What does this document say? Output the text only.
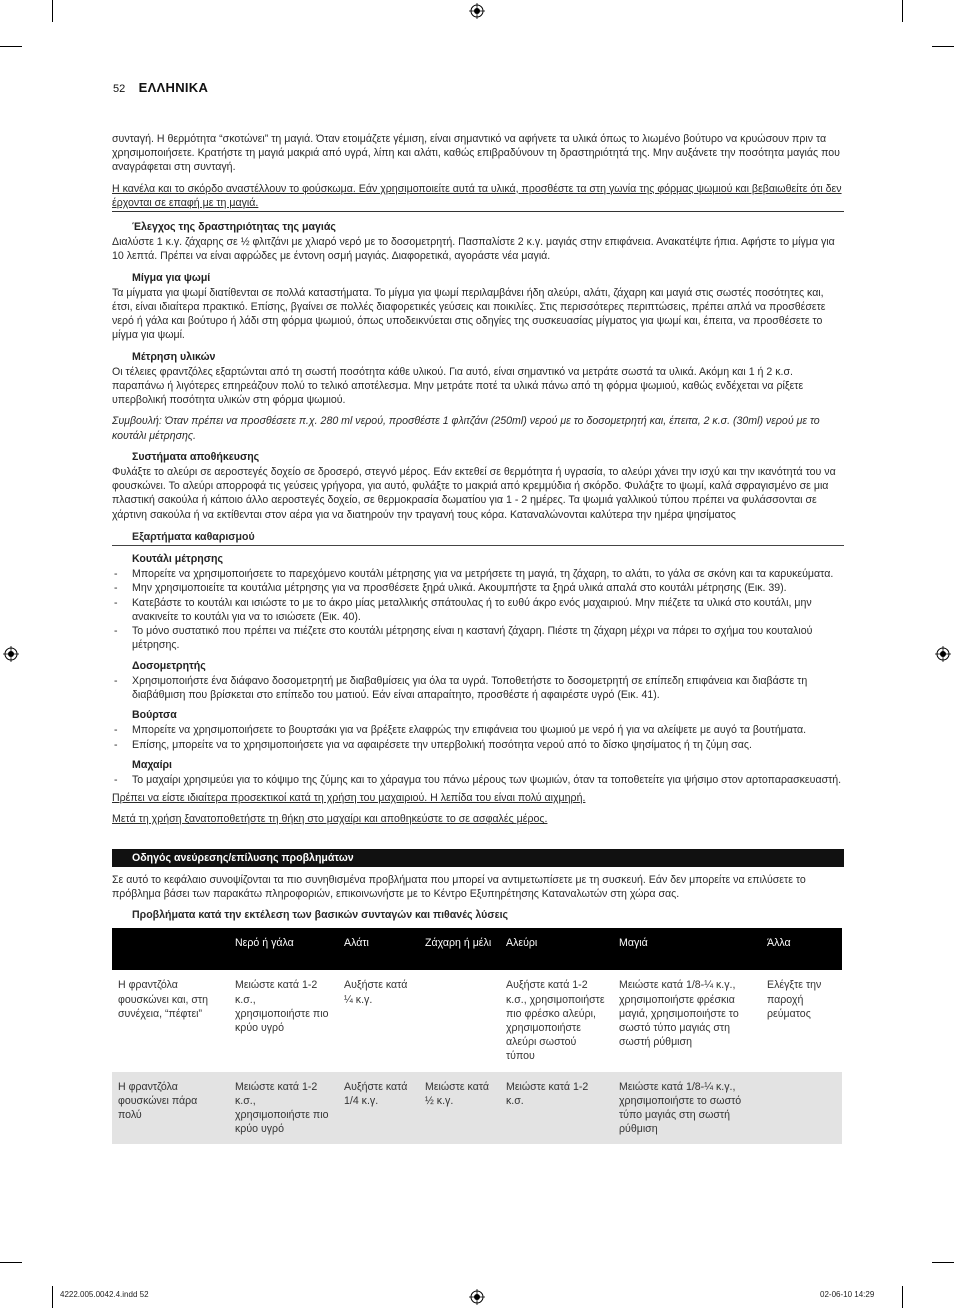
52 ΕΛΛΗΝΙΚΑ

συνταγή. Η θερμότητα “σκοτώνει” τη μαγιά. Όταν ετοιμάζετε γέμιση, είναι σημαντικό να αφήνετε τα υλικά όπως το λιωμένο βούτυρο να κρυώσουν πριν τα χρησιμοποιήσετε. Κρατήστε τη μαγιά μακριά από υγρά, λίπη και αλάτι, καθώς επιβραδύνουν τη δραστηριότητά της. Μην αυξάνετε την ποσότητα μαγιάς που αναγράφεται στη συνταγή.

Η κανέλα και το σκόρδο αναστέλλουν το φούσκωμα. Εάν χρησιμοποιείτε αυτά τα υλικά, προσθέστε τα στη γωνία της φόρμας ψωμιού και βεβαιωθείτε ότι δεν έρχονται σε επαφή με τη μαγιά.

Έλεγχος της δραστηριότητας της μαγιάς

Διαλύστε 1 κ.γ. ζάχαρης σε ½ φλιτζάνι με χλιαρό νερό με το δοσομετρητή. Πασπαλίστε 2 κ.γ. μαγιάς στην επιφάνεια. Ανακατέψτε ήπια. Αφήστε το μίγμα για 10 λεπτά. Πρέπει να είναι αφρώδες με έντονη οσμή μαγιάς. Διαφορετικά, αγοράστε νέα μαγιά.

Μίγμα για ψωμί

Τα μίγματα για ψωμί διατίθενται σε πολλά καταστήματα. Το μίγμα για ψωμί περιλαμβάνει ήδη αλεύρι, αλάτι, ζάχαρη και μαγιά στις σωστές ποσότητες και, έτσι, είναι ιδιαίτερα πρακτικό. Επίσης, βγαίνει σε πολλές διαφορετικές γεύσεις και ποικιλίες. Στις περισσότερες περιπτώσεις, πρέπει απλά να προσθέσετε νερό ή γάλα και βούτυρο ή λάδι στη φόρμα ψωμιού, όπως υποδεικνύεται στις οδηγίες της συσκευασίας μίγματος για ψωμί και, έπειτα, να προσθέσετε το μίγμα για ψωμί.

Μέτρηση υλικών

Οι τέλειες φραντζόλες εξαρτώνται από τη σωστή ποσότητα κάθε υλικού. Για αυτό, είναι σημαντικό να μετράτε σωστά τα υλικά. Ακόμη και 1 ή 2 κ.σ. παραπάνω ή λιγότερες επηρεάζουν πολύ το τελικό αποτέλεσμα. Μην μετράτε ποτέ τα υλικά πάνω από τη φόρμα ψωμιού, καθώς ενδέχεται να ρίξετε υπερβολική ποσότητα υλικών στη φόρμα ψωμιού.

Συμβουλή: Όταν πρέπει να προσθέσετε π.χ. 280 ml νερού, προσθέστε 1 φλιτζάνι (250ml) νερού με το δοσομετρητή και, έπειτα, 2 κ.σ. (30ml) νερού με το κουτάλι μέτρησης.

Συστήματα αποθήκευσης

Φυλάξτε το αλεύρι σε αεροστεγές δοχείο σε δροσερό, στεγνό μέρος. Εάν εκτεθεί σε θερμότητα ή υγρασία, το αλεύρι χάνει την ισχύ και την ικανότητά του να φουσκώνει. Το αλεύρι απορροφά τις γεύσεις γρήγορα, για αυτό, φυλάξτε το μακριά από κρεμμύδια ή σκόρδο. Φυλάξτε το ψωμί, καλά σφραγισμένο σε μια πλαστική σακούλα ή κάποιο άλλο αεροστεγές δοχείο, σε θερμοκρασία δωματίου για 1 - 2 ημέρες. Τα ψωμιά γαλλικού τύπου πρέπει να φυλάσσονται σε χάρτινη σακούλα ή να εκτίθενται στον αέρα για να διατηρούν την τραγανή τους κόρα. Καταναλώνονται καλύτερα την ημέρα ψησίματος

Εξαρτήματα καθαρισμού
Κουτάλι μέτρησης
- Μπορείτε να χρησιμοποιήσετε το παρεχόμενο κουτάλι μέτρησης για να μετρήσετε τη μαγιά, τη ζάχαρη, το αλάτι, το γάλα σε σκόνη και τα καρυκεύματα.
- Μην χρησιμοποιείτε τα κουτάλια μέτρησης για να προσθέσετε ξηρά υλικά. Ακουμπήστε τα ξηρά υλικά απαλά στο κουτάλι μέτρησης (Εικ. 39).
- Κατεβάστε το κουτάλι και ισιώστε το με το άκρο μίας μεταλλικής σπάτουλας ή το ευθύ άκρο ενός μαχαιριού. Μην πιέζετε τα υλικά στο κουτάλι, μην ανακινείτε το κουτάλι για να το ισιώσετε (Εικ. 40).
- Το μόνο συστατικό που πρέπει να πιέζετε στο κουτάλι μέτρησης είναι η καστανή ζάχαρη. Πιέστε τη ζάχαρη μέχρι να πάρει το σχήμα του κουταλιού μέτρησης.
Δοσομετρητής
- Χρησιμοποιήστε ένα διάφανο δοσομετρητή με διαβαθμίσεις για όλα τα υγρά. Τοποθετήστε το δοσομετρητή σε επίπεδη επιφάνεια και διαβάστε τη διαβάθμιση που βρίσκεται στο επίπεδο του ματιού. Εάν είναι απαραίτητο, προσθέστε ή αφαιρέστε υγρό (Εικ. 41).
Βούρτσα
- Μπορείτε να χρησιμοποιήσετε το βουρτσάκι για να βρέξετε ελαφρώς την επιφάνεια του ψωμιού με νερό ή για να αλείψετε με αυγό τα βουτήματα.
- Επίσης, μπορείτε να το χρησιμοποιήσετε για να αφαιρέσετε την υπερβολική ποσότητα νερού από το δίσκο ψησίματος ή τη ζύμη σας.
Μαχαίρι
- Το μαχαίρι χρησιμεύει για το κόψιμο της ζύμης και το χάραγμα του πάνω μέρους των ψωμιών, όταν τα τοποθετείτε για ψήσιμο στον αρτοπαρασκευαστή.

Πρέπει να είστε ιδιαίτερα προσεκτικοί κατά τη χρήση του μαχαιριού. Η λεπίδα του είναι πολύ αιχμηρή.

Μετά τη χρήση ξανατοποθετήστε τη θήκη στο μαχαίρι και αποθηκεύστε το σε ασφαλές μέρος.

Οδηγός ανεύρεσης/επίλυσης προβλημάτων

Σε αυτό το κεφάλαιο συνοψίζονται τα πιο συνηθισμένα προβλήματα που μπορεί να αντιμετωπίσετε με τη συσκευή. Εάν δεν μπορείτε να επιλύσετε το πρόβλημα βάσει των παρακάτω πληροφοριών, επικοινωνήστε με το Κέντρο Εξυπηρέτησης Καταναλωτών στη χώρα σας.

Προβλήματα κατά την εκτέλεση των βασικών συνταγών και πιθανές λύσεις
	Νερό ή γάλα	Αλάτι	Ζάχαρη ή μέλι	Αλεύρι	Μαγιά	Άλλα
Η φραντζόλα φουσκώνει και, στη συνέχεια, “πέφτει”	Μειώστε κατά 1-2 κ.σ., χρησιμοποιήστε πιο κρύο υγρό	Αυξήστε κατά ¼ κ.γ.		Αυξήστε κατά 1-2 κ.σ., χρησιμοποιήστε πιο φρέσκο αλεύρι, χρησιμοποιήστε αλεύρι σωστού τύπου	Μειώστε κατά 1/8-¼ κ.γ., χρησιμοποιήστε φρέσκια μαγιά, χρησιμοποιήστε το σωστό τύπο μαγιάς στη σωστή ρύθμιση	Ελέγξτε την παροχή ρεύματος
Η φραντζόλα φουσκώνει πάρα πολύ	Μειώστε κατά 1-2 κ.σ., χρησιμοποιήστε πιο κρύο υγρό	Αυξήστε κατά 1/4 κ.γ.	Μειώστε κατά ½ κ.γ.	Μειώστε κατά 1-2 κ.σ.	Μειώστε κατά 1/8-¼ κ.γ., χρησιμοποιήστε το σωστό τύπο μαγιάς στη σωστή ρύθμιση	
4222.005.0042.4.indd 52	02-06-10 14:29
